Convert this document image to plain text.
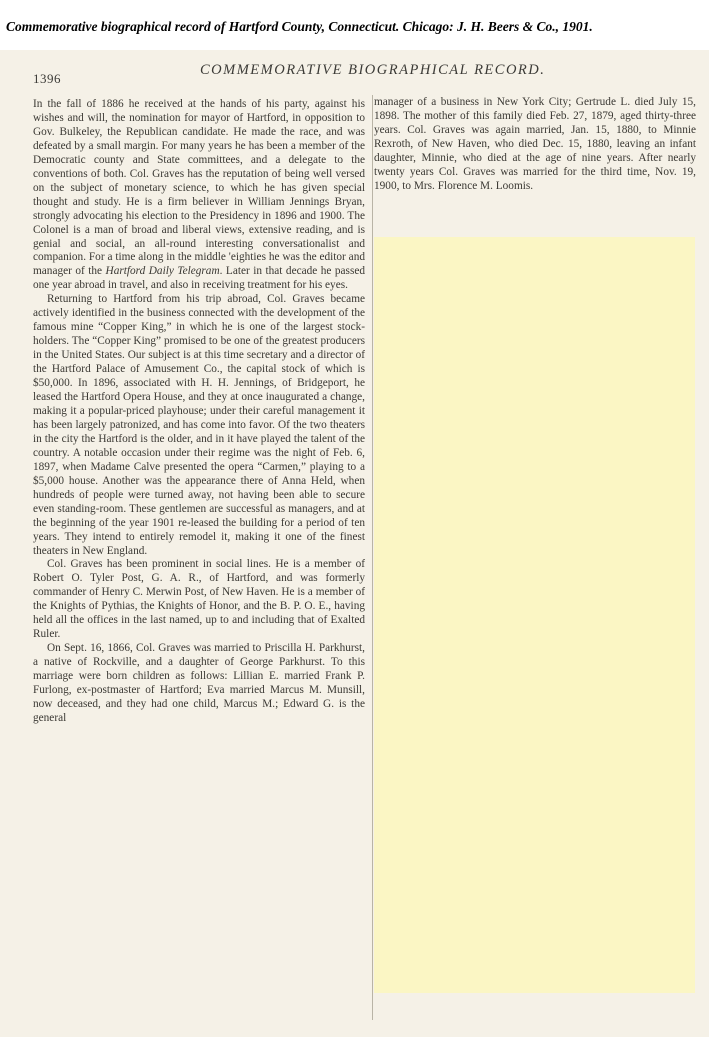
Commemorative biographical record of Hartford County, Connecticut. Chicago: J. H. Beers & Co., 1901.
1396
COMMEMORATIVE BIOGRAPHICAL RECORD.

In the fall of 1886 he received at the hands of his party, against his wishes and will, the nomination for mayor of Hartford, in opposition to Gov. Bulkeley, the Republican candidate. He made the race, and was defeated by a small margin. For many years he has been a member of the Democratic county and State committees, and a delegate to the conventions of both. Col. Graves has the reputation of being well versed on the subject of monetary science, to which he has given special thought and study. He is a firm believer in William Jennings Bryan, strongly advocating his election to the Presidency in 1896 and 1900. The Colonel is a man of broad and liberal views, extensive reading, and is genial and social, an all-round interesting conversationalist and companion. For a time along in the middle 'eighties he was the editor and manager of the Hartford Daily Telegram. Later in that decade he passed one year abroad in travel, and also in receiving treatment for his eyes.

Returning to Hartford from his trip abroad, Col. Graves became actively identified in the business connected with the development of the famous mine “Copper King,” in which he is one of the largest stock-holders. The “Copper King” promised to be one of the greatest producers in the United States. Our subject is at this time secretary and a director of the Hartford Palace of Amusement Co., the capital stock of which is $50,000. In 1896, associated with H. H. Jennings, of Bridgeport, he leased the Hartford Opera House, and they at once inaugurated a change, making it a popular-priced playhouse; under their careful management it has been largely patronized, and has come into favor. Of the two theaters in the city the Hartford is the older, and in it have played the talent of the country. A notable occasion under their regime was the night of Feb. 6, 1897, when Madame Calve presented the opera “Carmen,” playing to a $5,000 house. Another was the appearance there of Anna Held, when hundreds of people were turned away, not having been able to secure even standing-room. These gentlemen are successful as managers, and at the beginning of the year 1901 re-leased the building for a period of ten years. They intend to entirely remodel it, making it one of the finest theaters in New England.

Col. Graves has been prominent in social lines. He is a member of Robert O. Tyler Post, G. A. R., of Hartford, and was formerly commander of Henry C. Merwin Post, of New Haven. He is a member of the Knights of Pythias, the Knights of Honor, and the B. P. O. E., having held all the offices in the last named, up to and including that of Exalted Ruler.

On Sept. 16, 1866, Col. Graves was married to Priscilla H. Parkhurst, a native of Rockville, and a daughter of George Parkhurst. To this marriage were born children as follows: Lillian E. married Frank P. Furlong, ex-postmaster of Hartford; Eva married Marcus M. Munsill, now deceased, and they had one child, Marcus M.; Edward G. is the general

manager of a business in New York City; Gertrude L. died July 15, 1898. The mother of this family died Feb. 27, 1879, aged thirty-three years. Col. Graves was again married, Jan. 15, 1880, to Minnie Rexroth, of New Haven, who died Dec. 15, 1880, leaving an infant daughter, Minnie, who died at the age of nine years. After nearly twenty years Col. Graves was married for the third time, Nov. 19, 1900, to Mrs. Florence M. Loomis.
